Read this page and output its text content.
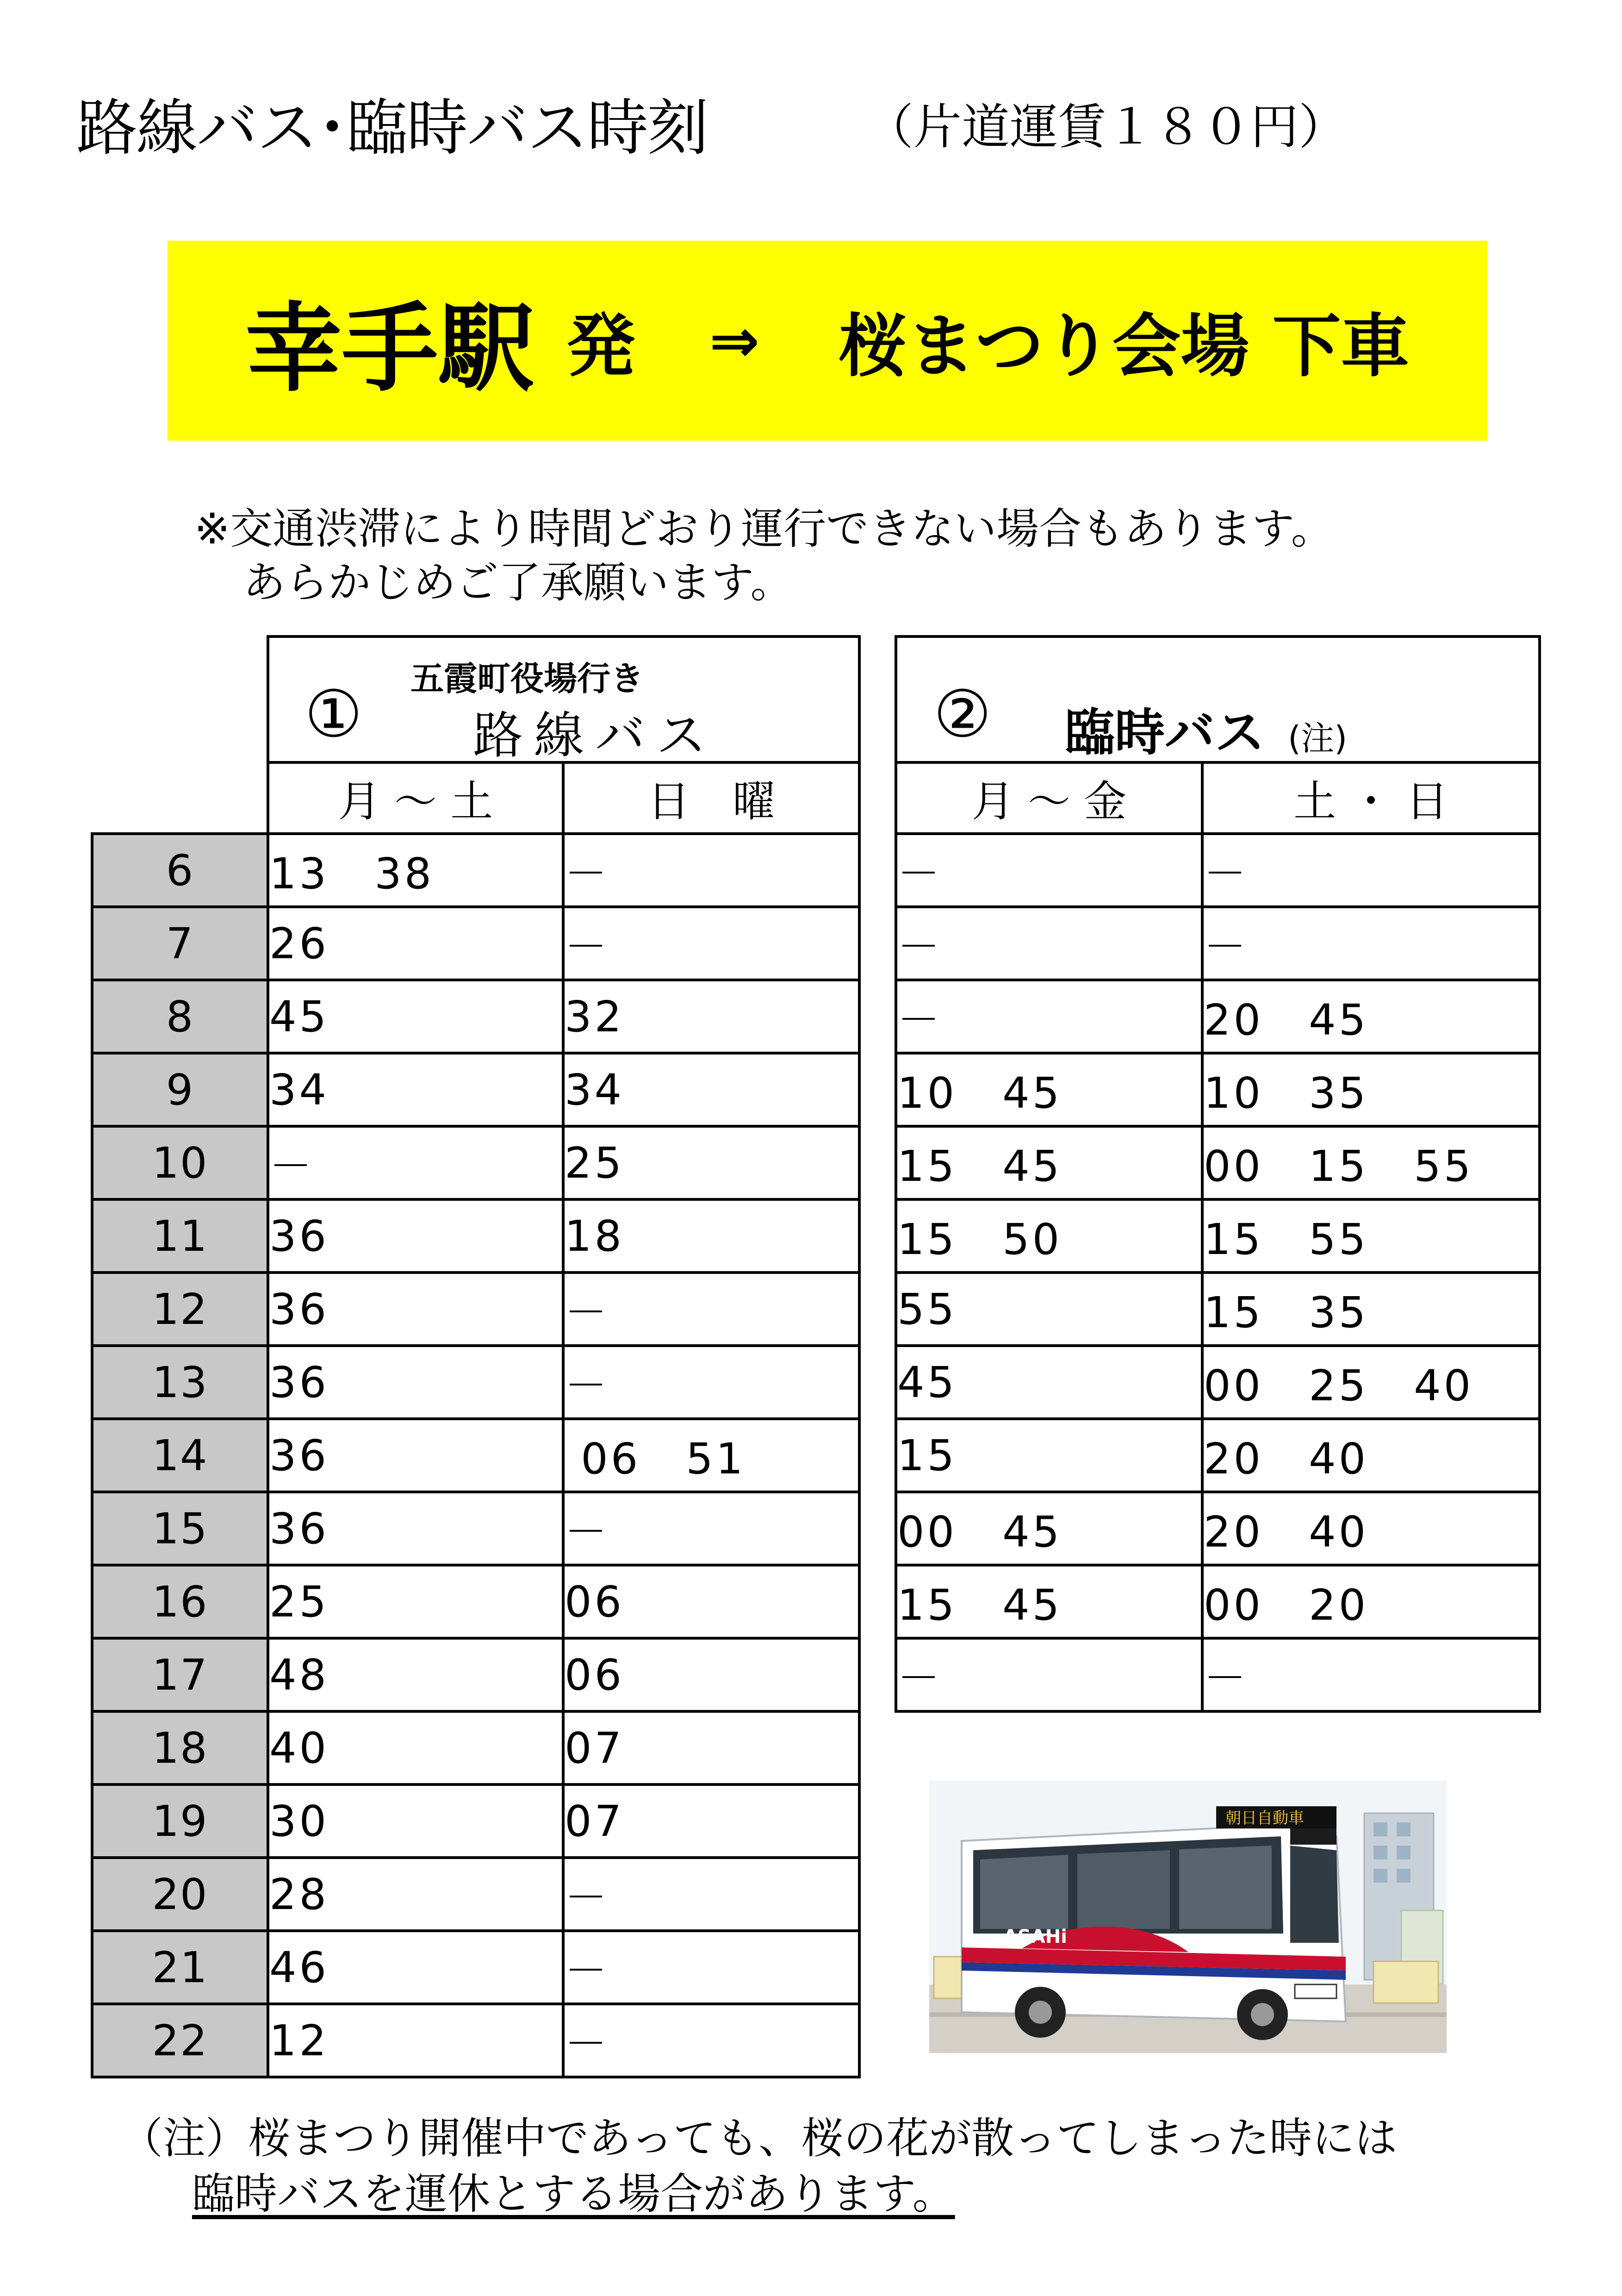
路線バス･臨時バス時刻	（片道運賃１８０円）
幸手駅 発 ⇒ 桜まつり会場 下車
※交通渋滞により時間どおり運行できない場合もあります。
あらかじめご了承願います。

	① 五霞町役場行き
路線バス	

	月 ～ 土	日　曜
6	13　38	－
7	26	－
8	45	32
9	34	34
10	－	25
11	36	18
12	36	－
13	36	－
14	36	06　51
15	36	－
16	25	06
17	48	06
18	40	07
19	30	07
20	28	－
21	46	－
22	12	－
② 臨時バス (注)	

月 ～ 金	土 ・ 日
－	－
－	－
－	20　45
10　45	10　35
15　45	00　15　55
15　50	15　55
55	15　35
45	00　25　40
15	20　40
00　45	20　40
15　45	00　20
－	－
朝日自動車
ASAHi
（注）桜まつり開催中であっても、桜の花が散ってしまった時には
臨時バスを運休とする場合があります。
